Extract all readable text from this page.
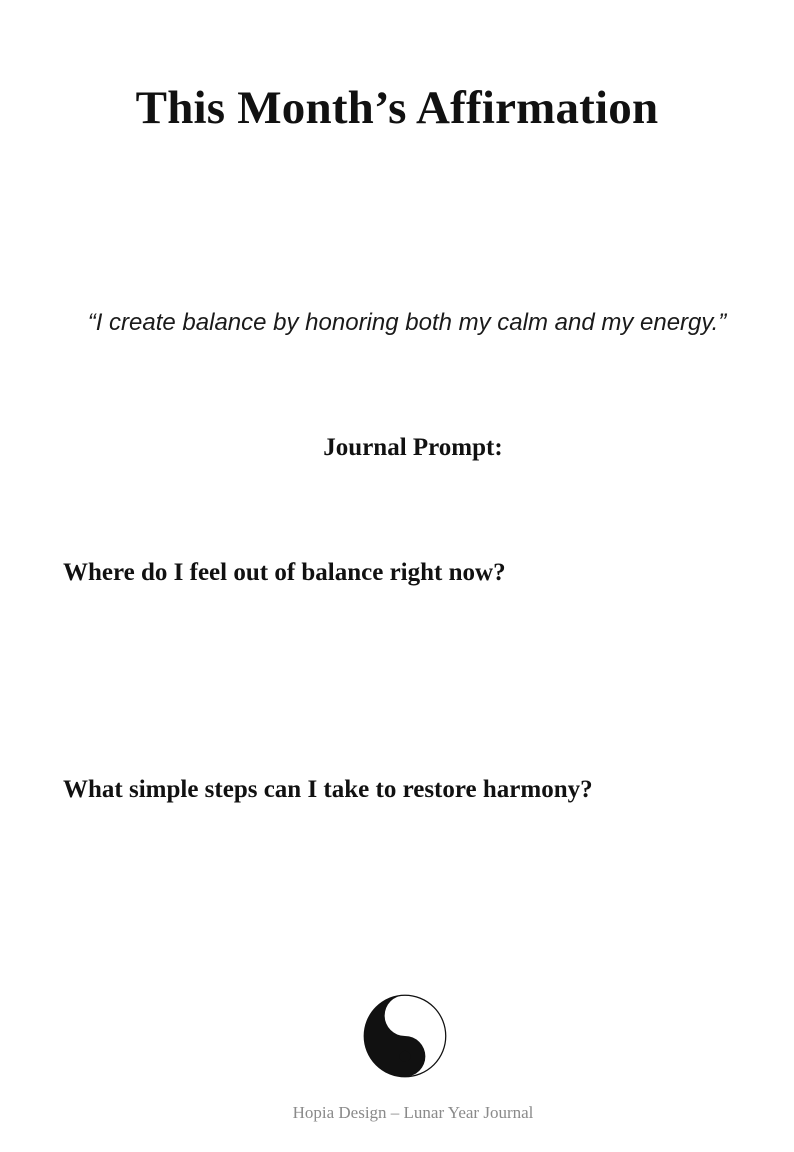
This Month’s Affirmation

“I create balance by honoring both my calm and my energy.”

Journal Prompt:

Where do I feel out of balance right now?

What simple steps can I take to restore harmony?

Hopia Design – Lunar Year Journal
